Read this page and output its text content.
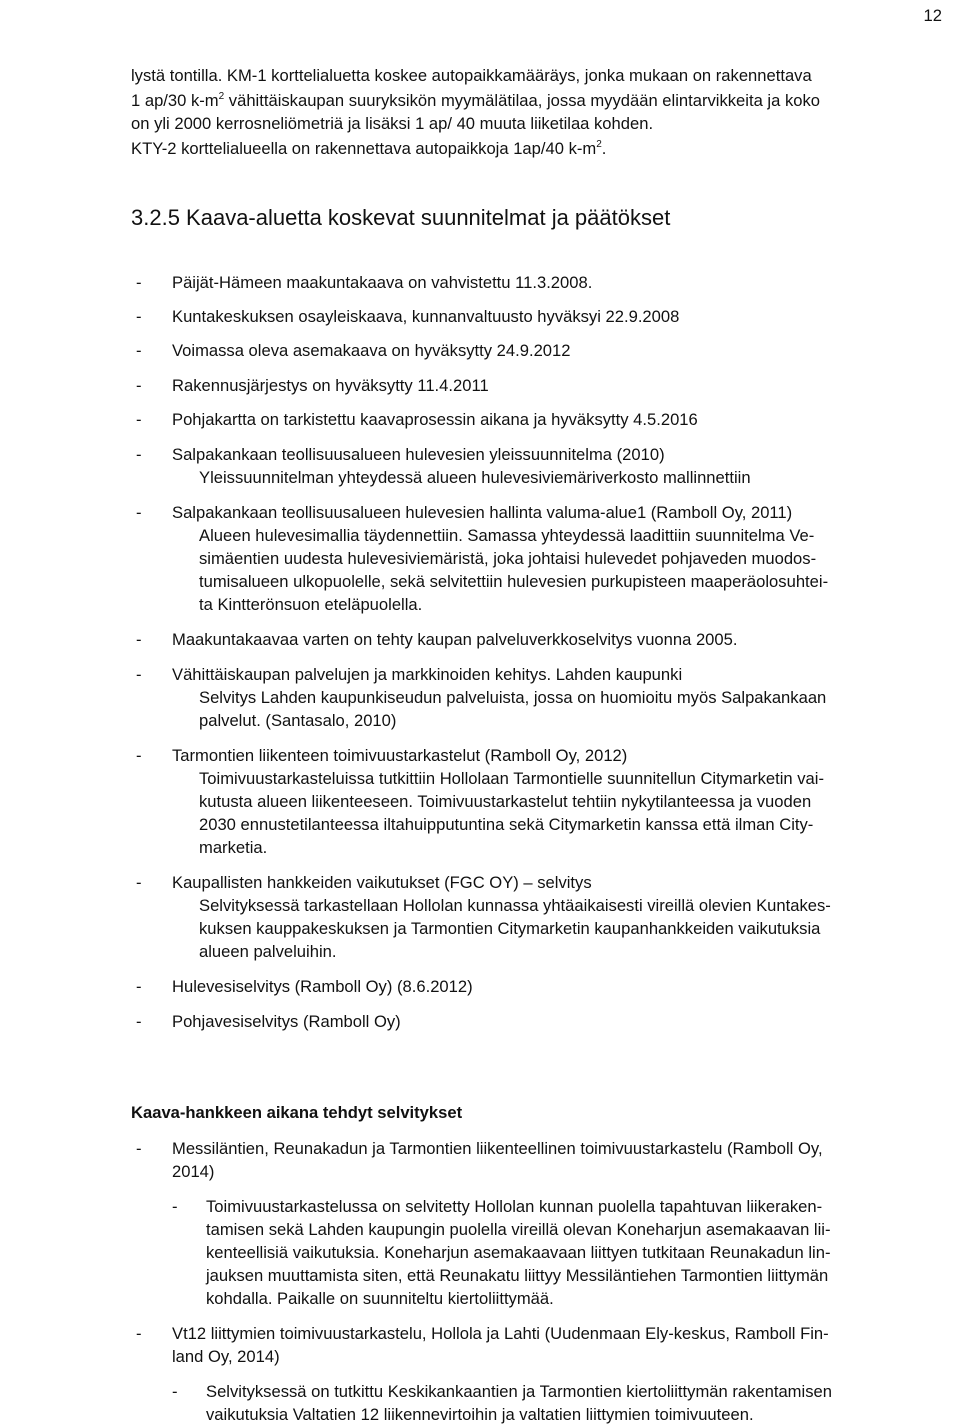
12
lystä tontilla. KM-1 korttelialuetta koskee autopaikkamääräys, jonka mukaan on rakennettava
1 ap/30 $k-m^2$ vähittäiskaupan suuryksikön myymälätilaa, jossa myydään elintarvikkeita ja koko
on yli 2000 kerrosneliömetriä ja lisäksi 1 ap/ 40 muuta liiketilaa kohden.
KTY-2 korttelialueella on rakennettava autopaikkoja 1ap/40 $k-m^2$.
3.2.5 Kaava-aluetta koskevat suunnitelmat ja päätökset
- Päijät-Hämeen maakuntakaava on vahvistettu 11.3.2008.
- Kuntakeskuksen osayleiskaava, kunnanvaltuusto hyväksyi 22.9.2008
- Voimassa oleva asemakaava on hyväksytty 24.9.2012
- Rakennusjärjestys on hyväksytty 11.4.2011
- Pohjakartta on tarkistettu kaavaprosessin aikana ja hyväksytty 4.5.2016
- Salpakankaan teollisuusalueen hulevesien yleissuunnitelma (2010)
Yleissuunnitelman yhteydessä alueen hulevesiviemäriverkosto mallinnettiin
- Salpakankaan teollisuusalueen hulevesien hallinta valuma-alue1 (Ramboll Oy, 2011)
Alueen hulevesimallia täydennettiin. Samassa yhteydessä laadittiin suunnitelma Ve-
simäentien uudesta hulevesiviemäristä, joka johtaisi hulevedet pohjaveden muodos-
tumisalueen ulkopuolelle, sekä selvitettiin hulevesien purkupisteen maaperäolosuhtei-
ta Kintterönsuon eteläpuolella.
- Maakuntakaavaa varten on tehty kaupan palveluverkkoselvitys vuonna 2005.
- Vähittäiskaupan palvelujen ja markkinoiden kehitys. Lahden kaupunki
Selvitys Lahden kaupunkiseudun palveluista, jossa on huomioitu myös Salpakankaan
palvelut. (Santasalo, 2010)
- Tarmontien liikenteen toimivuustarkastelut (Ramboll Oy, 2012)
Toimivuustarkasteluissa tutkittiin Hollolaan Tarmontielle suunnitellun Citymarketin vai-
kutusta alueen liikenteeseen. Toimivuustarkastelut tehtiin nykytilanteessa ja vuoden
2030 ennustetilanteessa iltahuipputuntina sekä Citymarketin kanssa että ilman City-
marketia.
- Kaupallisten hankkeiden vaikutukset (FGC OY) – selvitys
Selvityksessä tarkastellaan Hollolan kunnassa yhtäaikaisesti vireillä olevien Kuntakes-
kuksen kauppakeskuksen ja Tarmontien Citymarketin kaupanhankkeiden vaikutuksia
alueen palveluihin.
- Hulevesiselvitys (Ramboll Oy) (8.6.2012)
- Pohjavesiselvitys (Ramboll Oy)
Kaava-hankkeen aikana tehdyt selvitykset
- Messiläntien, Reunakadun ja Tarmontien liikenteellinen toimivuustarkastelu (Ramboll Oy,
2014)
- Toimivuustarkastelussa on selvitetty Hollolan kunnan puolella tapahtuvan liikeraken-
tamisen sekä Lahden kaupungin puolella vireillä olevan Koneharjun asemakaavan lii-
kenteellisiä vaikutuksia. Koneharjun asemakaavaan liittyen tutkitaan Reunakadun lin-
jauksen muuttamista siten, että Reunakatu liittyy Messiläntiehen Tarmontien liittymän
kohdalla. Paikalle on suunniteltu kiertoliittymää.
- Vt12 liittymien toimivuustarkastelu, Hollola ja Lahti (Uudenmaan Ely-keskus, Ramboll Fin-
land Oy, 2014)
- Selvityksessä on tutkittu Keskikankaantien ja Tarmontien kiertoliittymän rakentamisen
vaikutuksia Valtatien 12 liikennevirtoihin ja valtatien liittymien toimivuuteen.
